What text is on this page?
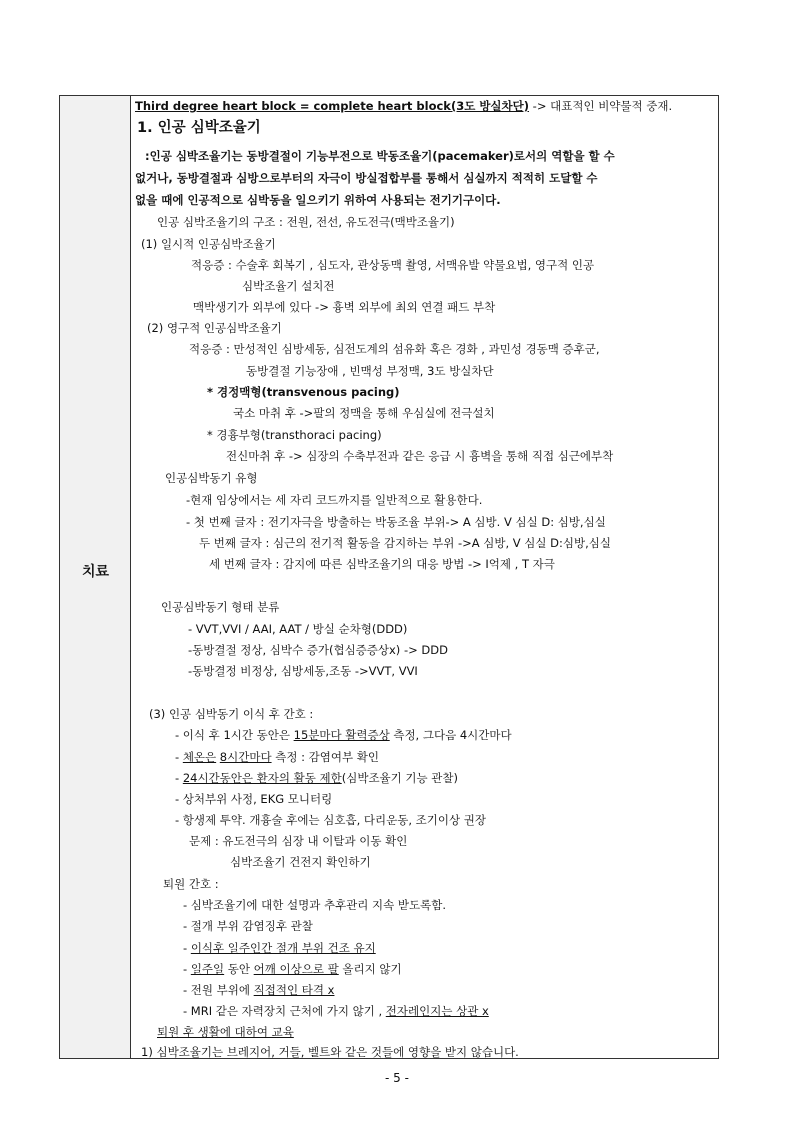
치료
Third degree heart block = complete heart block(3도 방실차단) -> 대표적인 비약물적 중재.
1. 인공 심박조율기
:인공 심박조율기는 동방결절이 기능부전으로 박동조율기(pacemaker)로서의 역할을 할 수
없거나, 동방결절과 심방으로부터의 자극이 방실접합부를 통해서 심실까지 적적히 도달할 수
없을 때에 인공적으로 심박동을 일으키기 위하여 사용되는 전기기구이다.
인공 심박조율기의 구조 : 전원, 전선, 유도전극(맥박조율기)
(1) 일시적 인공심박조율기
적응증 : 수술후 회복기 , 심도자, 관상동맥 촬영, 서맥유발 약물요법, 영구적 인공
심박조율기 설치전
맥박생기가 외부에 있다 -> 흉벽 외부에 최외 연결 패드 부착
(2) 영구적 인공심박조율기
적응증 : 만성적인 심방세동, 심전도계의 섬유화 혹은 경화 , 과민성 경동맥 증후군,
동방결절 기능장애 , 빈맥성 부정맥, 3도 방실차단
* 경정맥형(transvenous pacing)
국소 마취 후 ->팔의 정맥을 통해 우심실에 전극설치
* 경흉부형(transthoraci pacing)
전신마취 후 -> 심장의 수축부전과 같은 응급 시 흉벽을 통해 직접 심근에부착
인공심박동기 유형
-현재 임상에서는 세 자리 코드까지를 일반적으로 활용한다.
- 첫 번째 글자 : 전기자극을 방출하는 박동조율 부위-> A 심방. V 심실 D: 심방,심실
두 번째 글자 : 심근의 전기적 활동을 감지하는 부위 ->A 심방, V 심실 D:심방,심실
세 번째 글자 : 감지에 따른 심박조율기의 대응 방법 -> I억제 , T 자극
인공심박동기 형태 분류
- VVT,VVI / AAI, AAT / 방실 순차형(DDD)
-동방결절 정상, 심박수 증가(협심증증상x) -> DDD
-동방결정 비정상, 심방세동,조동 ->VVT, VVI
(3) 인공 심박동기 이식 후 간호 :
- 이식 후 1시간 동안은 15분마다 활력증상 측정, 그다음 4시간마다
- 체온은 8시간마다 측정 : 감염여부 확인
- 24시간동안은 환자의 활동 제한(심박조율기 기능 관찰)
- 상처부위 사정, EKG 모니터링
- 항생제 투약. 개흉술 후에는 심호흡, 다리운동, 조기이상 권장
문제 : 유도전극의 심장 내 이탈과 이동 확인
심박조율기 건전지 확인하기
퇴원 간호 :
- 심박조율기에 대한 설명과 추후관리 지속 받도록함.
- 절개 부위 감염징후 관찰
- 이식후 일주인간 절개 부위 건조 유지
- 일주일 동안 어깨 이상으로 팔 올리지 않기
- 전원 부위에 직접적인 타격 x
- MRI 같은 자력장치 근처에 가지 않기 , 전자레인지는 상관 x
퇴원 후 생활에 대하여 교육
1) 심박조율기는 브레지어, 거들, 벨트와 같은 것들에 영향을 받지 않습니다.
- 5 -
